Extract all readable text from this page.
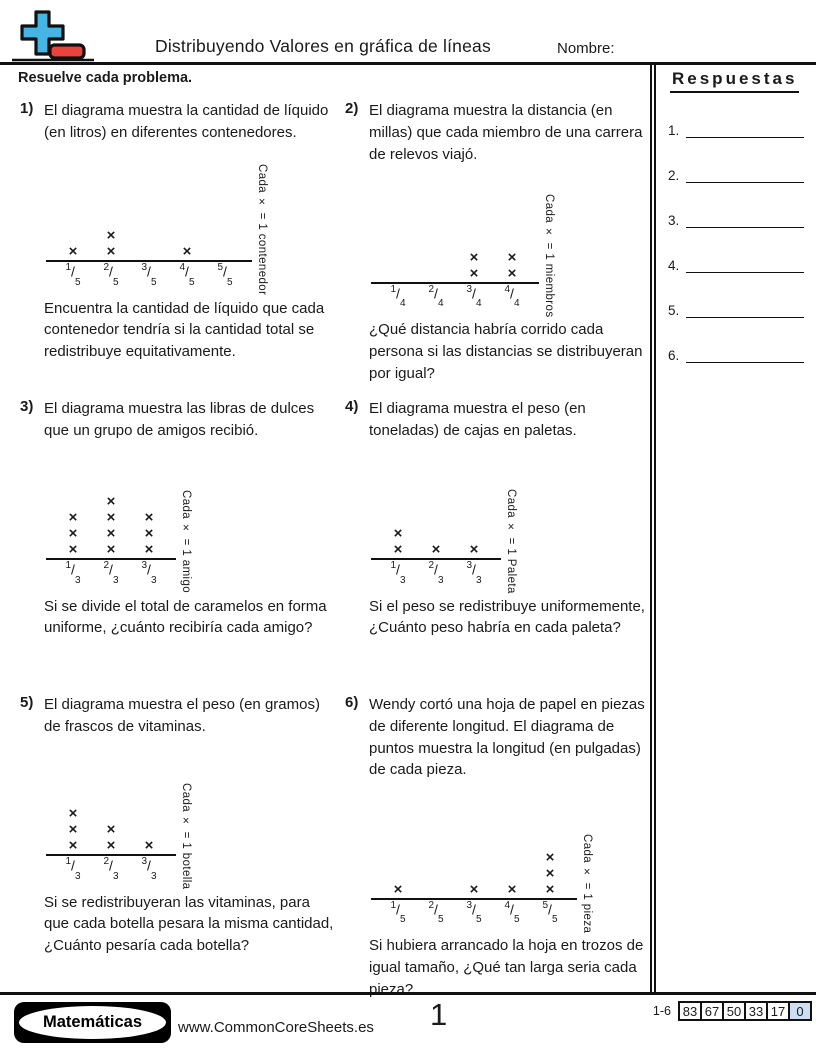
Distribuyendo Valores en gráfica de líneas	Nombre:
Resuelve cada problema.
1) El diagrama muestra la cantidad de líquido (en litros) en diferentes contenedores.

×
×
×	×
$^1/_5$
$^2/_5$
$^3/_5$
$^4/_5$
$^5/_5$	Cada × = 1 contenedor

Encuentra la cantidad de líquido que cada contenedor tendría si la cantidad total se redistribuye equitativamente.

2) El diagrama muestra la distancia (en millas) que cada miembro de una carrera de relevos viajó.

×
×
×
×
$^1/_4$
$^2/_4$
$^3/_4$
$^4/_4$	Cada × = 1 miembros

¿Qué distancia habría corrido cada persona si las distancias se distribuyeran por igual?

3) El diagrama muestra las libras de dulces que un grupo de amigos recibió.

×
×
×
×
×
×
×
×
×
×
$^1/_3$
$^2/_3$
$^3/_3$	Cada × = 1 amigo

Si se divide el total de caramelos en forma uniforme, ¿cuánto recibiría cada amigo?

4) El diagrama muestra el peso (en toneladas) de cajas en paletas.

×
× × ×
$^1/_3$
$^2/_3$
$^3/_3$	Cada × = 1 Paleta

Si el peso se redistribuye uniformemente, ¿Cuánto peso habría en cada paleta?

5) El diagrama muestra el peso (en gramos) de frascos de vitaminas.

×
×
×
×
× ×
$^1/_3$
$^2/_3$
$^3/_3$	Cada × = 1 botella

Si se redistribuyeran las vitaminas, para que cada botella pesara la misma cantidad, ¿Cuánto pesaría cada botella?

6) Wendy cortó una hoja de papel en piezas de diferente longitud. El diagrama de puntos muestra la longitud (en pulgadas) de cada pieza.

×	× ×
×
×
×
$^1/_5$
$^2/_5$
$^3/_5$
$^4/_5$
$^5/_5$	Cada × = 1 pieza

Si hubiera arrancado la hoja en trozos de igual tamaño, ¿Qué tan larga seria cada pieza?

Respuestas
1.
2.
3.
4.
5.
6.
Matemáticas	www.CommonCoreSheets.es 1	1-6 83 67 50 33 17 0
